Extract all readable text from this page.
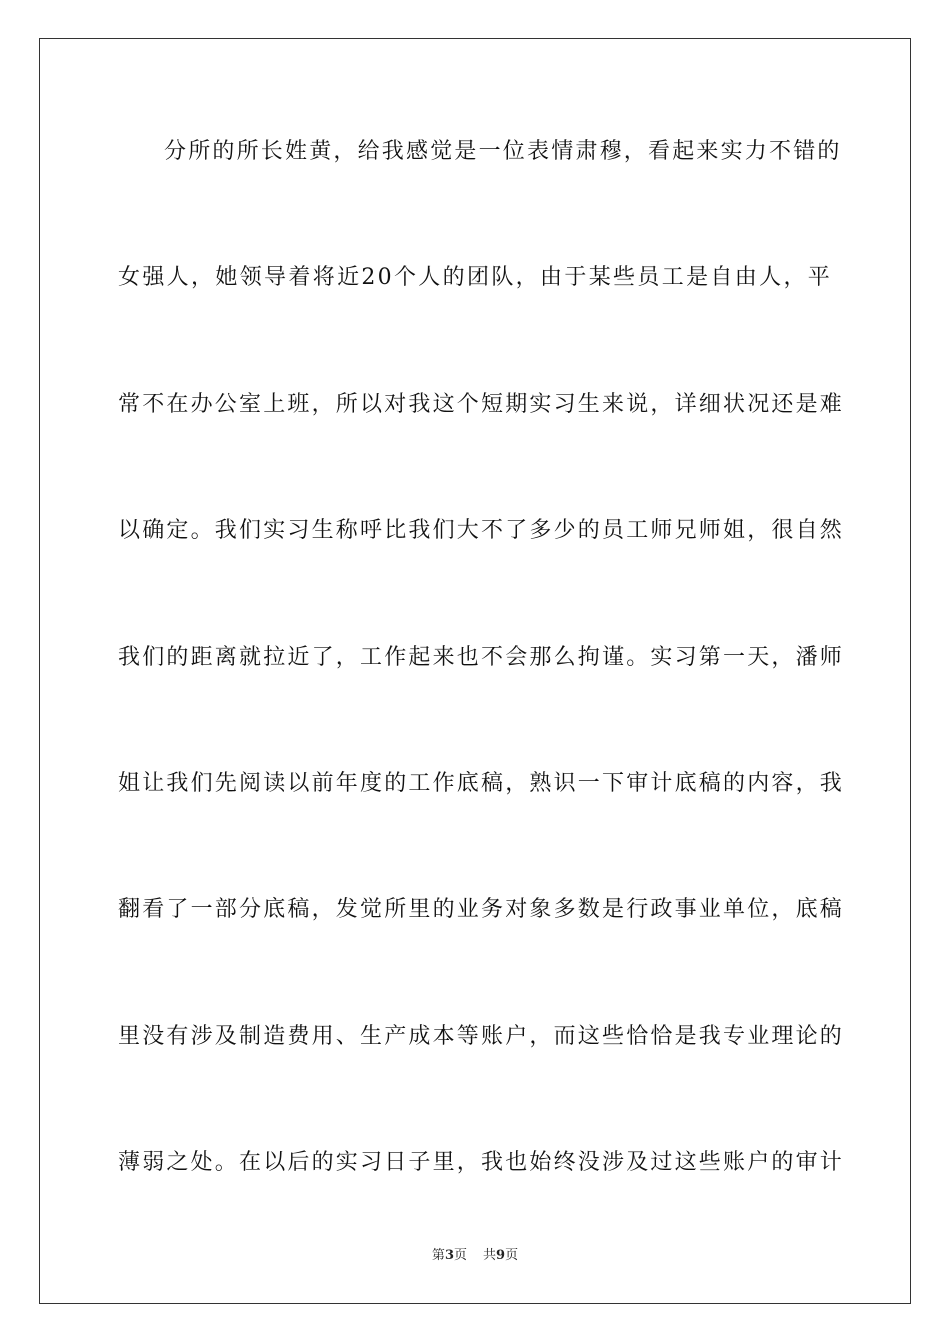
分所的所长姓黄，给我感觉是一位表情肃穆，看起来实力不错的
女强人，她领导着将近20个人的团队，由于某些员工是自由人，平
常不在办公室上班，所以对我这个短期实习生来说，详细状况还是难
以确定。我们实习生称呼比我们大不了多少的员工师兄师姐，很自然
我们的距离就拉近了，工作起来也不会那么拘谨。实习第一天，潘师
姐让我们先阅读以前年度的工作底稿，熟识一下审计底稿的内容，我
翻看了一部分底稿，发觉所里的业务对象多数是行政事业单位，底稿
里没有涉及制造费用、生产成本等账户，而这些恰恰是我专业理论的
薄弱之处。在以后的实习日子里，我也始终没涉及过这些账户的审计
第3页 共9页
